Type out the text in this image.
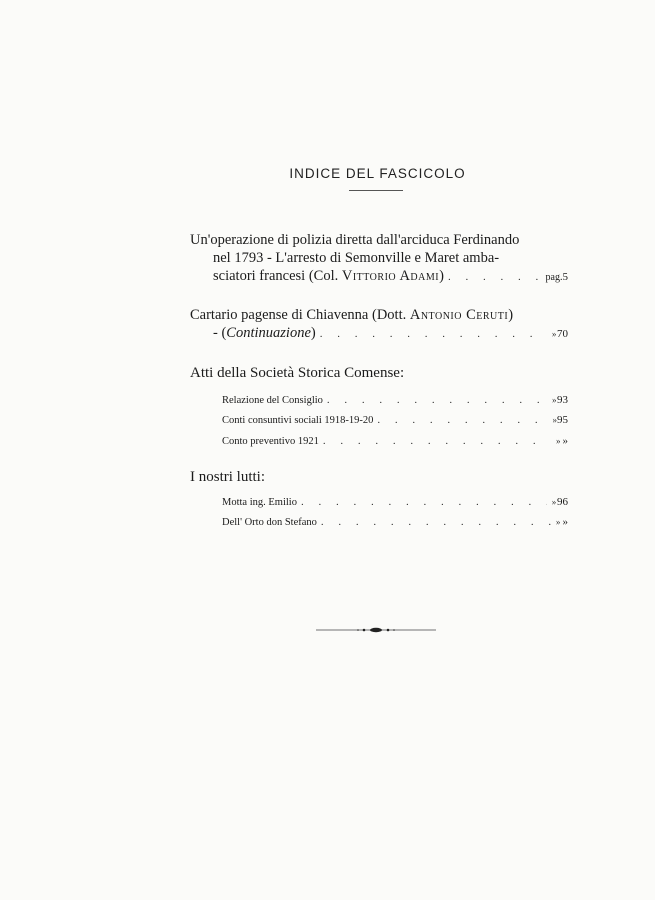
INDICE DEL FASCICOLO
Un'operazione di polizia diretta dall'arciduca Ferdinando
nel 1793 - L'arresto di Semonville e Maret amba-
sciatori francesi (Col. Vittorio Adami) . . .	pag. 5
Cartario pagense di Chiavenna (Dott. Antonio Ceruti)
- (Continuazione) . . .	» 70
Atti della Società Storica Comense:
Relazione del Consiglio . . .	» 93
Conti consuntivi sociali 1918-19-20 . . .	» 95
Conto preventivo 1921 . . .	» »
I nostri lutti:
Motta ing. Emilio . . .	» 96
Dell' Orto don Stefano . . .	» »
